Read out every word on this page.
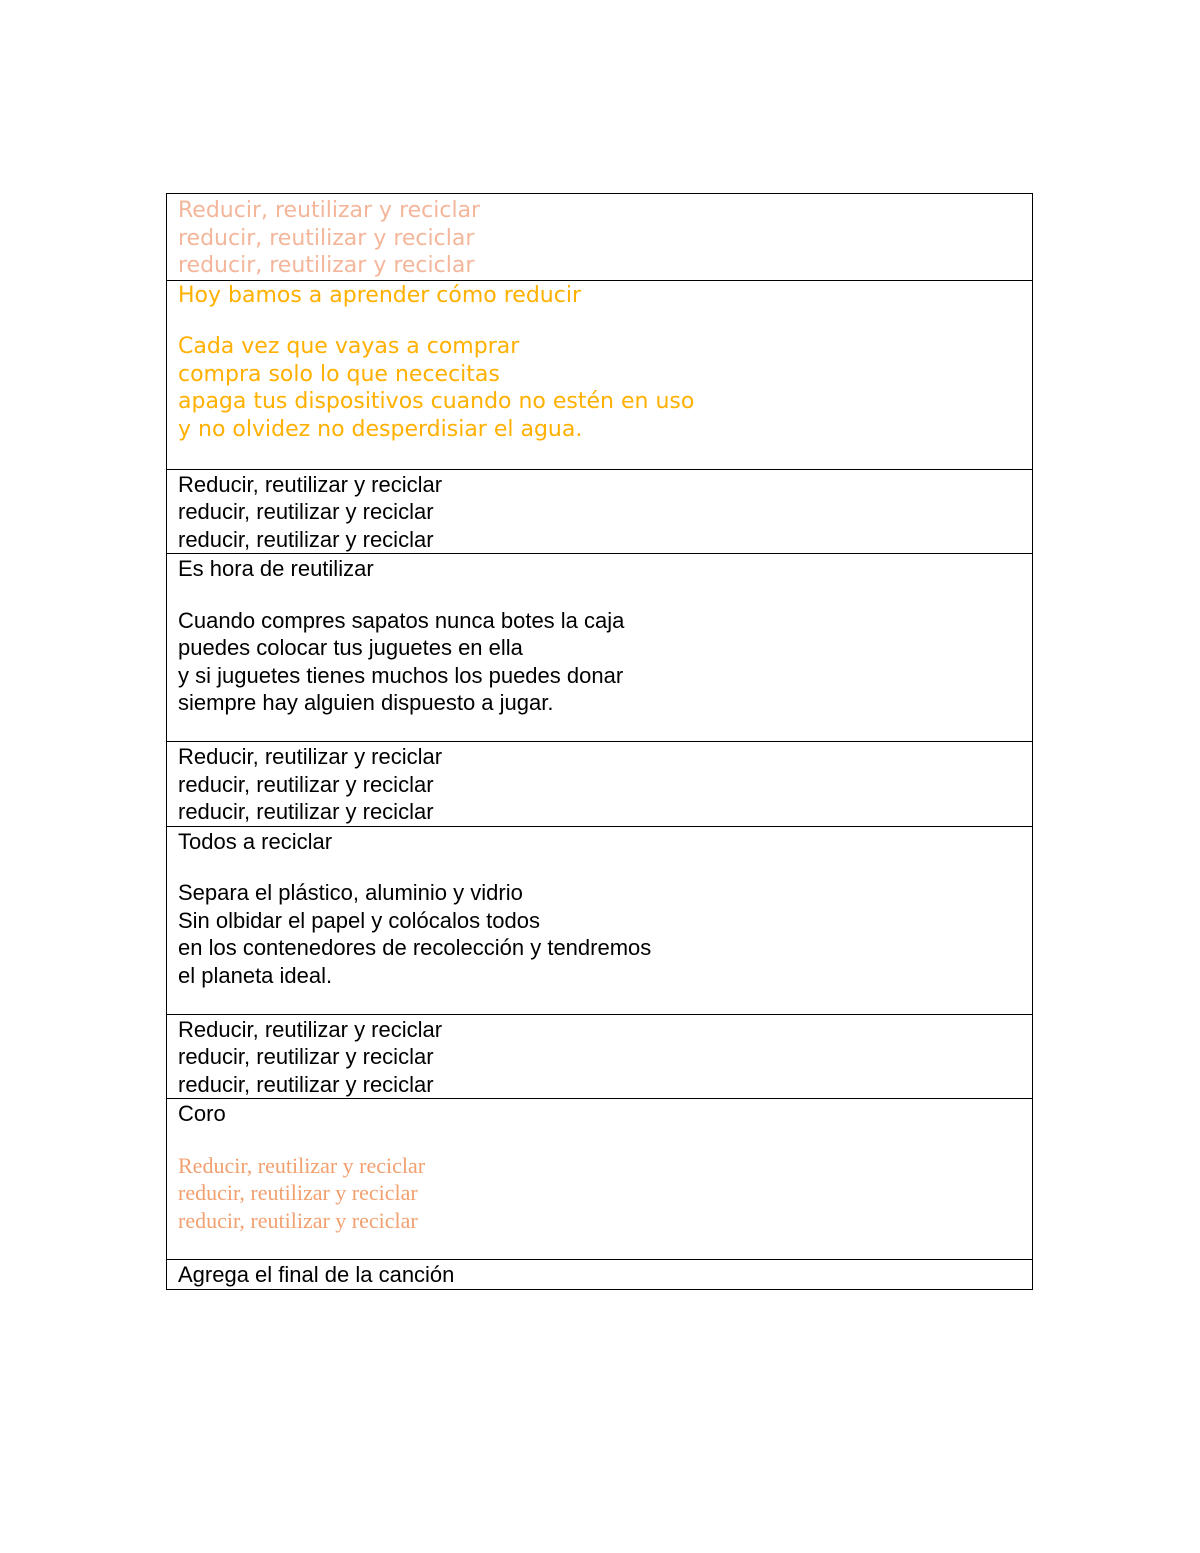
Reducir, reutilizar y reciclar
reducir, reutilizar y reciclar
reducir, reutilizar y reciclar

Hoy bamos a aprender cómo reducir
Cada vez que vayas a comprar
compra solo lo que nececitas
apaga tus dispositivos cuando no estén en uso
y no olvidez no desperdisiar el agua.

Reducir, reutilizar y reciclar
reducir, reutilizar y reciclar
reducir, reutilizar y reciclar

Es hora de reutilizar
Cuando compres sapatos nunca botes la caja
puedes colocar tus juguetes en ella
y si juguetes tienes muchos los puedes donar
siempre hay alguien dispuesto a jugar.

Reducir, reutilizar y reciclar
reducir, reutilizar y reciclar
reducir, reutilizar y reciclar

Todos a reciclar
Separa el plástico, aluminio y vidrio
Sin olbidar el papel y colócalos todos
en los contenedores de recolección y tendremos
el planeta ideal.

Reducir, reutilizar y reciclar
reducir, reutilizar y reciclar
reducir, reutilizar y reciclar

Coro
Reducir, reutilizar y reciclar
reducir, reutilizar y reciclar
reducir, reutilizar y reciclar

Agrega el final de la canción
